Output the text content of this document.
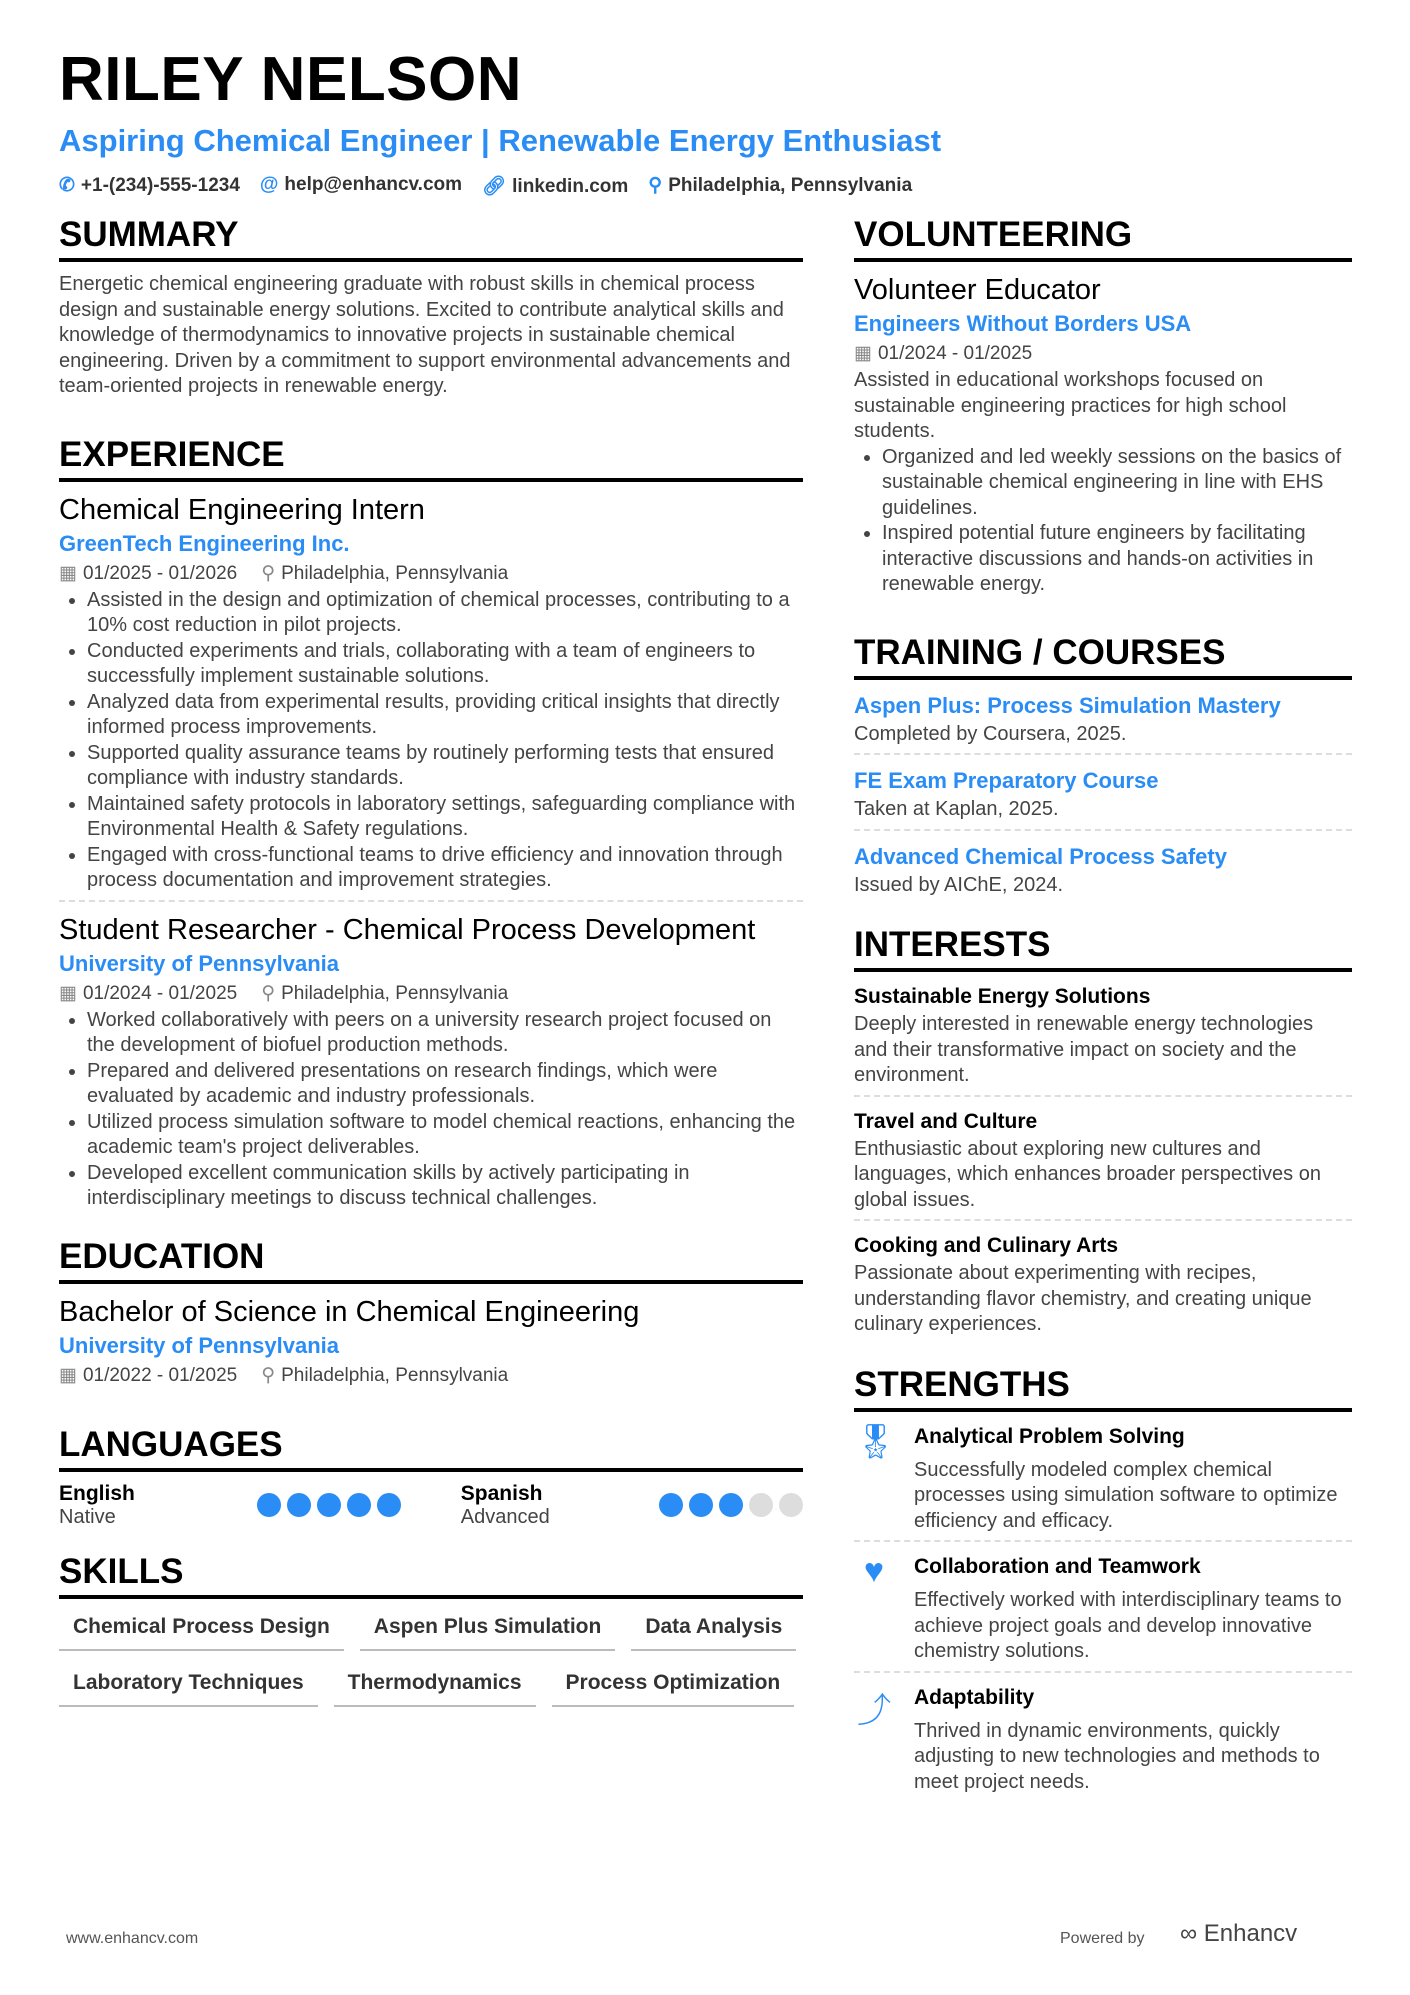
RILEY NELSON
Aspiring Chemical Engineer | Renewable Energy Enthusiast
✆ +1-(234)-555-1234 @ help@enhancv.com 🔗︎ linkedin.com ⚲ Philadelphia, Pennsylvania
SUMMARY
Energetic chemical engineering graduate with robust skills in chemical process design and sustainable energy solutions. Excited to contribute analytical skills and knowledge of thermodynamics to innovative projects in sustainable chemical engineering. Driven by a commitment to support environmental advancements and team-oriented projects in renewable energy.
EXPERIENCE
Chemical Engineering Intern
GreenTech Engineering Inc.
▦ 01/2025 - 01/2026 ⚲ Philadelphia, Pennsylvania
• Assisted in the design and optimization of chemical processes, contributing to a 10% cost reduction in pilot projects.
• Conducted experiments and trials, collaborating with a team of engineers to successfully implement sustainable solutions.
• Analyzed data from experimental results, providing critical insights that directly informed process improvements.
• Supported quality assurance teams by routinely performing tests that ensured compliance with industry standards.
• Maintained safety protocols in laboratory settings, safeguarding compliance with Environmental Health & Safety regulations.
• Engaged with cross-functional teams to drive efficiency and innovation through process documentation and improvement strategies.
Student Researcher - Chemical Process Development
University of Pennsylvania
▦ 01/2024 - 01/2025 ⚲ Philadelphia, Pennsylvania
• Worked collaboratively with peers on a university research project focused on the development of biofuel production methods.
• Prepared and delivered presentations on research findings, which were evaluated by academic and industry professionals.
• Utilized process simulation software to model chemical reactions, enhancing the academic team's project deliverables.
• Developed excellent communication skills by actively participating in interdisciplinary meetings to discuss technical challenges.
EDUCATION
Bachelor of Science in Chemical Engineering
University of Pennsylvania
▦ 01/2022 - 01/2025 ⚲ Philadelphia, Pennsylvania
LANGUAGES
English
Native
Spanish
Advanced
SKILLS
Chemical Process Design	Aspen Plus Simulation	Data Analysis
Laboratory Techniques	Thermodynamics	Process Optimization
VOLUNTEERING
Volunteer Educator
Engineers Without Borders USA
▦ 01/2024 - 01/2025
Assisted in educational workshops focused on sustainable engineering practices for high school students.
• Organized and led weekly sessions on the basics of sustainable chemical engineering in line with EHS guidelines.
• Inspired potential future engineers by facilitating interactive discussions and hands-on activities in renewable energy.
TRAINING / COURSES
Aspen Plus: Process Simulation Mastery
Completed by Coursera, 2025.
FE Exam Preparatory Course
Taken at Kaplan, 2025.
Advanced Chemical Process Safety
Issued by AIChE, 2024.
INTERESTS
Sustainable Energy Solutions
Deeply interested in renewable energy technologies and their transformative impact on society and the environment.
Travel and Culture
Enthusiastic about exploring new cultures and languages, which enhances broader perspectives on global issues.
Cooking and Culinary Arts
Passionate about experimenting with recipes, understanding flavor chemistry, and creating unique culinary experiences.
STRENGTHS
🎖 Analytical Problem Solving
Successfully modeled complex chemical processes using simulation software to optimize efficiency and efficacy.
♥	Collaboration and Teamwork
Effectively worked with interdisciplinary teams to achieve project goals and develop innovative chemistry solutions.
⤴ Adaptability
Thrived in dynamic environments, quickly adjusting to new technologies and methods to meet project needs.
www.enhancv.com	Powered by ∞ Enhancv
